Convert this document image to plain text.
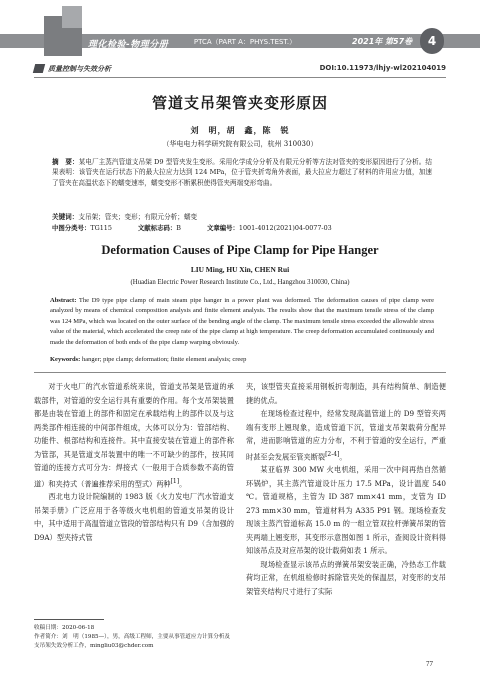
理化检验-物理分册	PTCA（PART A：PHYS.TEST.）	2021年 第57卷	4
质量控制与失效分析	DOI:10.11973/lhjy-wl202104019
管道支吊架管夹变形原因
刘　明，胡　鑫，陈　锐
（华电电力科学研究院有限公司，杭州 310030）
摘　要：某电厂主蒸汽管道支吊架 D9 型管夹发生变形。采用化学成分分析及有限元分析等方法对管夹的变形原因进行了分析。结果表明：该管夹在运行状态下的最大拉应力达到 124 MPa，位于管夹折弯角外表面，最大拉应力超过了材料的许用应力值，加速了管夹在高温状态下的蠕变速率，蠕变变形不断累积使得管夹两端变形弯曲。
关键词：支吊架；管夹；变形；有限元分析；蠕变
中图分类号：TG115	文献标志码：B	文章编号：1001-4012(2021)04-0077-03
Deformation Causes of Pipe Clamp for Pipe Hanger
LIU Ming, HU Xin, CHEN Rui
(Huadian Electric Power Research Institute Co., Ltd., Hangzhou 310030, China)
Abstract: The D9 type pipe clamp of main steam pipe hanger in a power plant was deformed. The deformation causes of pipe clamp were analyzed by means of chemical composition analysis and finite element analysis. The results show that the maximum tensile stress of the clamp was 124 MPa, which was located on the outer surface of the bending angle of the clamp. The maximum tensile stress exceeded the allowable stress value of the material, which accelerated the creep rate of the pipe clamp at high temperature. The creep deformation accumulated continuously and made the deformation of both ends of the pipe clamp warping obviously.
Keywords: hanger; pipe clamp; deformation; finite element analysis; creep

对于火电厂的汽水管道系统来说，管道支吊架是管道的承载部件，对管道的安全运行具有重要的作用。每个支吊架装置都是由装在管道上的部件和固定在承载结构上的部件以及与这两类部件相连接的中间部件组成，大体可以分为：管部结构、功能件、根部结构和连接件。其中直接安装在管道上的部件称为管部，其是管道支吊装置中的唯一不可缺少的部件，按其同管道的连接方式可分为：焊接式（一般用于合质参数不高的管道）和夹持式（普遍推荐采用的型式）两种[1]。

西北电力设计院编制的 1983 版《火力发电厂汽水管道支吊架手册》广泛应用于各等级火电机组的管道支吊架的设计中，其中适用于高温管道立管段的管部结构只有 D9（含加强的 D9A）型夹持式管

夹，该型管夹直接采用钢板折弯制造，具有结构简单、制造便捷的优点。

在现场检查过程中，经常发现高温管道上的 D9 型管夹两端有变形上翘现象，造成管道下沉，管道支吊架载荷分配异常，进而影响管道的应力分布，不利于管道的安全运行，严重时甚至会发展至管夹断裂[2-4]。

某亚临界 300 MW 火电机组，采用一次中间再热自然循环锅炉，其主蒸汽管道设计压力 17.5 MPa，设计温度 540 ℃。管道规格，主管为 ID 387 mm×41 mm，支管为 ID 273 mm×30 mm，管道材料为 A335 P91 钢。现场检查发现该主蒸汽管道标高 15.0 m 的一组立管双拉杆弹簧吊架的管夹两端上翘变形，其变形示意图如图 1 所示，查阅设计资料得知该吊点及对应吊架的设计载荷如表 1 所示。

现场检查显示该吊点的弹簧吊架安装正确，冷热态工作载荷均正常，在机组检修时拆除管夹处的保温层，对变形的支吊架管夹结构尺寸进行了实际

收稿日期：2020-06-18
作者简介：刘　明（1985—），男，高级工程师，主要从事管道应力计算分析及支吊架失效分析工作，mingliu03@chder.com
77
